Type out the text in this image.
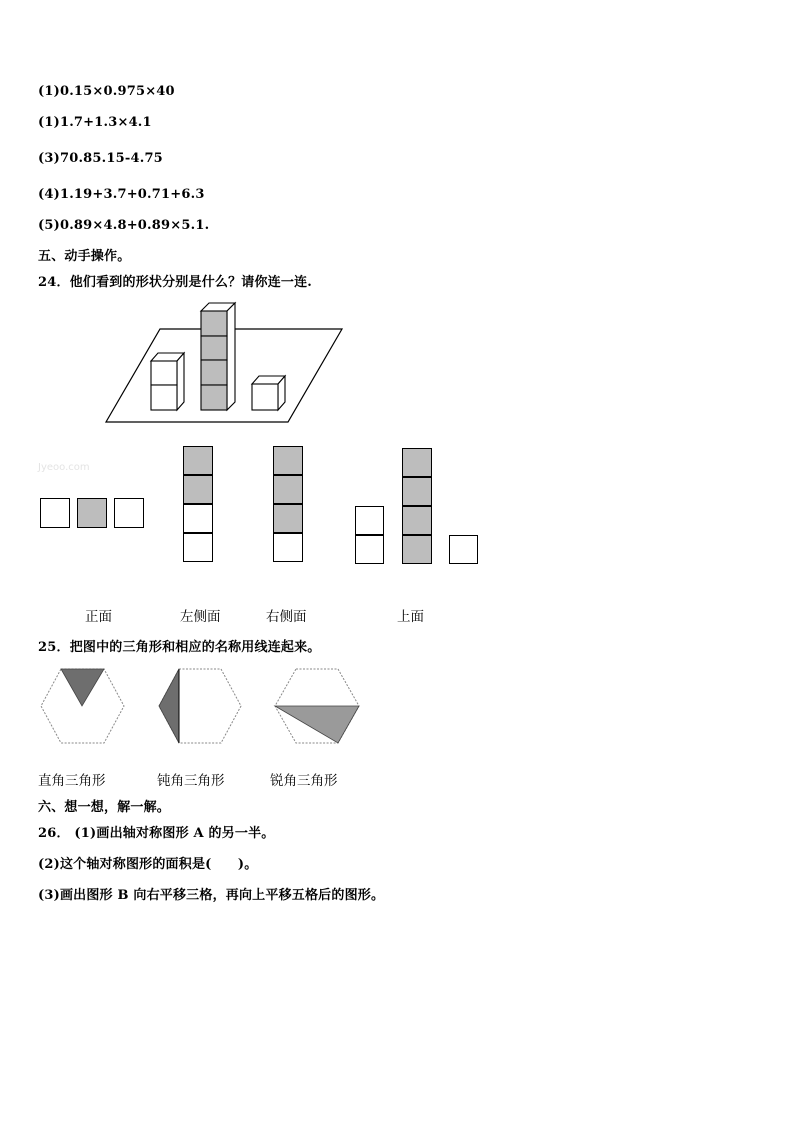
(1)0.15×0.975×40
(1)1.7+1.3×4.1
(3)70.85.15-4.75
(4)1.19+3.7+0.71+6.3
(5)0.89×4.8+0.89×5.1.
五、动手操作。
24．他们看到的形状分别是什么？请你连一连.
Jyeoo.com
正面	左侧面	右侧面	上面
25．把图中的三角形和相应的名称用线连起来。
直角三角形	钝角三角形	锐角三角形
六、想一想，解一解。
26． (1)画出轴对称图形 A 的另一半。
(2)这个轴对称图形的面积是(　　)。
(3)画出图形 B 向右平移三格，再向上平移五格后的图形。
